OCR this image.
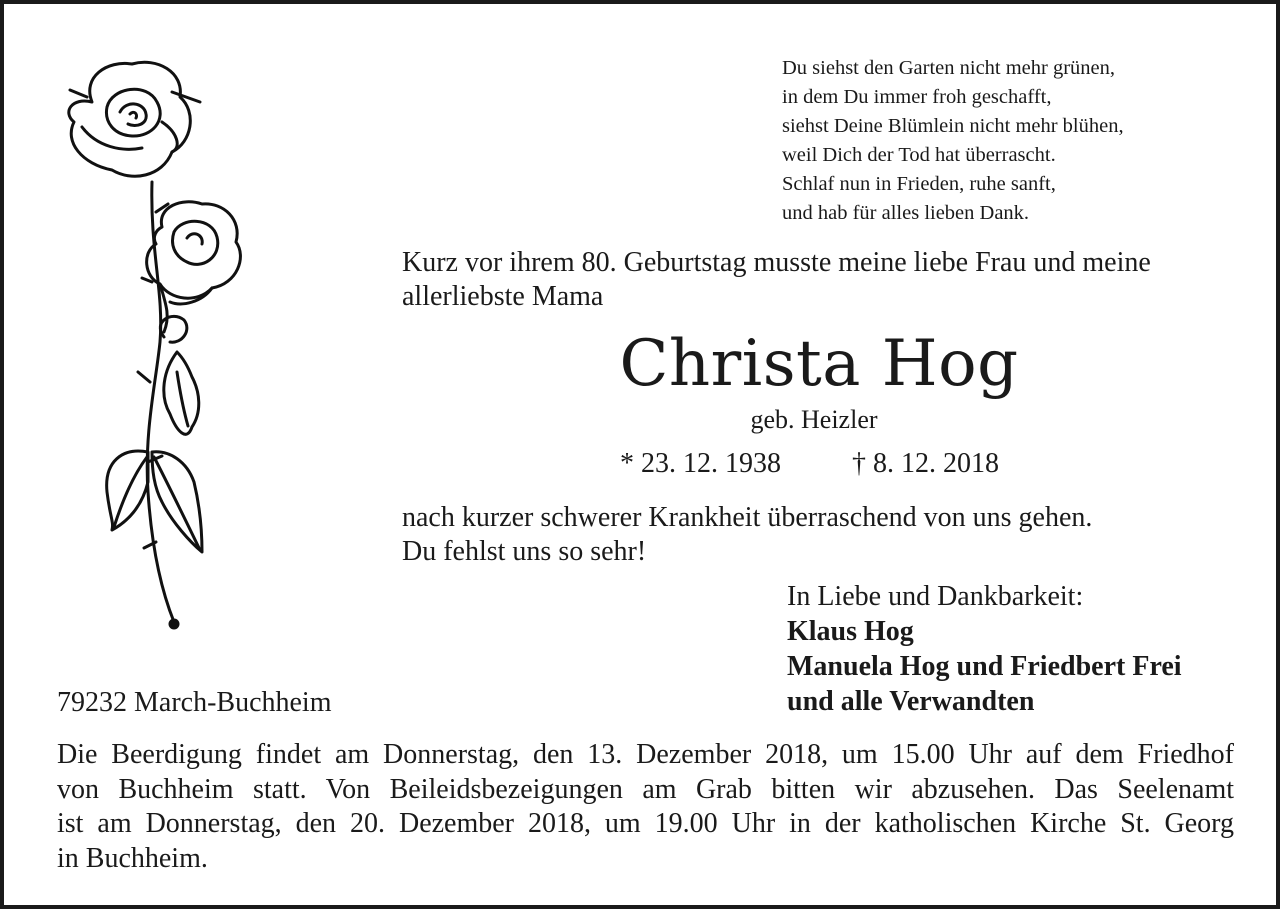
Du siehst den Garten nicht mehr grünen,
in dem Du immer froh geschafft,
siehst Deine Blümlein nicht mehr blühen,
weil Dich der Tod hat überrascht.
Schlaf nun in Frieden, ruhe sanft,
und hab für alles lieben Dank.
Kurz vor ihrem 80. Geburtstag musste meine liebe Frau und meine
allerliebste Mama
Christa Hog
geb. Heizler
* 23. 12. 1938	† 8. 12. 2018
nach kurzer schwerer Krankheit überraschend von uns gehen.
Du fehlst uns so sehr!
In Liebe und Dankbarkeit:
Klaus Hog
Manuela Hog und Friedbert Frei
und alle Verwandten
79232 March-Buchheim
Die Beerdigung findet am Donnerstag, den 13. Dezember 2018, um 15.00 Uhr auf dem Friedhof
von Buchheim statt. Von Beileidsbezeigungen am Grab bitten wir abzusehen. Das Seelenamt
ist am Donnerstag, den 20. Dezember 2018, um 19.00 Uhr in der katholischen Kirche St. Georg
in Buchheim.
